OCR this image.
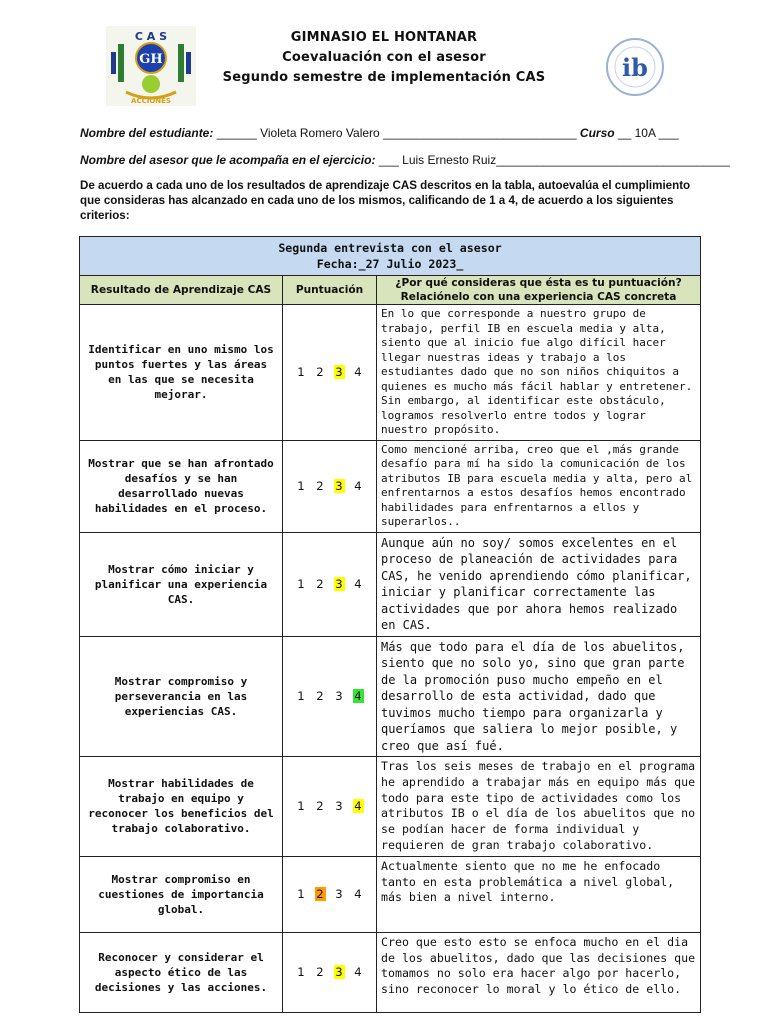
GIMNASIO EL HONTANAR
Coevaluación con el asesor
Segundo semestre de implementación CAS
C A S
GH
ACCIONES
ib
Nombre del estudiante: ______ Violeta Romero Valero _____________________________ Curso __ 10A ___
Nombre del asesor que le acompaña en el ejercicio: ___ Luis Ernesto Ruiz___________________________________
De acuerdo a cada uno de los resultados de aprendizaje CAS descritos en la tabla, autoevalúa el cumplimiento que consideras has alcanzado en cada uno de los mismos, calificando de 1 a 4, de acuerdo a los siguientes criterios:
Segunda entrevista con el asesor
Fecha:_27 Julio 2023_		

Resultado de Aprendizaje CAS	Puntuación	¿Por qué consideras que ésta es tu puntuación?
Relaciónelo con una experiencia CAS concreta

Identificar en uno mismo los puntos fuertes y las áreas en las que se necesita mejorar.	1 2 3 4	En lo que corresponde a nuestro grupo de trabajo, perfil IB en escuela media y alta, siento que al inicio fue algo difícil hacer llegar nuestras ideas y trabajo a los estudiantes dado que no son niños chiquitos a quienes es mucho más fácil hablar y entretener. Sin embargo, al identificar este obstáculo, logramos resolverlo entre todos y lograr nuestro propósito.
Mostrar que se han afrontado desafíos y se han desarrollado nuevas habilidades en el proceso.	1 2 3 4	Como mencioné arriba, creo que el ,más grande desafío para mí ha sido la comunicación de los atributos IB para escuela media y alta, pero al enfrentarnos a estos desafíos hemos encontrado habilidades para enfrentarnos a ellos y superarlos..
Mostrar cómo iniciar y planificar una experiencia CAS.	1 2 3 4	Aunque aún no soy/ somos excelentes en el proceso de planeación de actividades para CAS, he venido aprendiendo cómo planificar, iniciar y planificar correctamente las actividades que por ahora hemos realizado en CAS.
Mostrar compromiso y perseverancia en las experiencias CAS.	1 2 3 4	Más que todo para el día de los abuelitos, siento que no solo yo, sino que gran parte de la promoción puso mucho empeño en el desarrollo de esta actividad, dado que tuvimos mucho tiempo para organizarla y queríamos que saliera lo mejor posible, y creo que así fué.
Mostrar habilidades de trabajo en equipo y reconocer los beneficios del trabajo colaborativo.	1 2 3 4	Tras los seis meses de trabajo en el programa he aprendido a trabajar más en equipo más que todo para este tipo de actividades como los atributos IB o el día de los abuelitos que no se podían hacer de forma individual y requieren de gran trabajo colaborativo.
Mostrar compromiso en cuestiones de importancia global.	1 2 3 4	Actualmente siento que no me he enfocado tanto en esta problemática a nivel global, más bien a nivel interno.
Reconocer y considerar el aspecto ético de las decisiones y las acciones.	1 2 3 4	Creo que esto esto se enfoca mucho en el dia de los abuelitos, dado que las decisiones que tomamos no solo era hacer algo por hacerlo, sino reconocer lo moral y lo ético de ello.
